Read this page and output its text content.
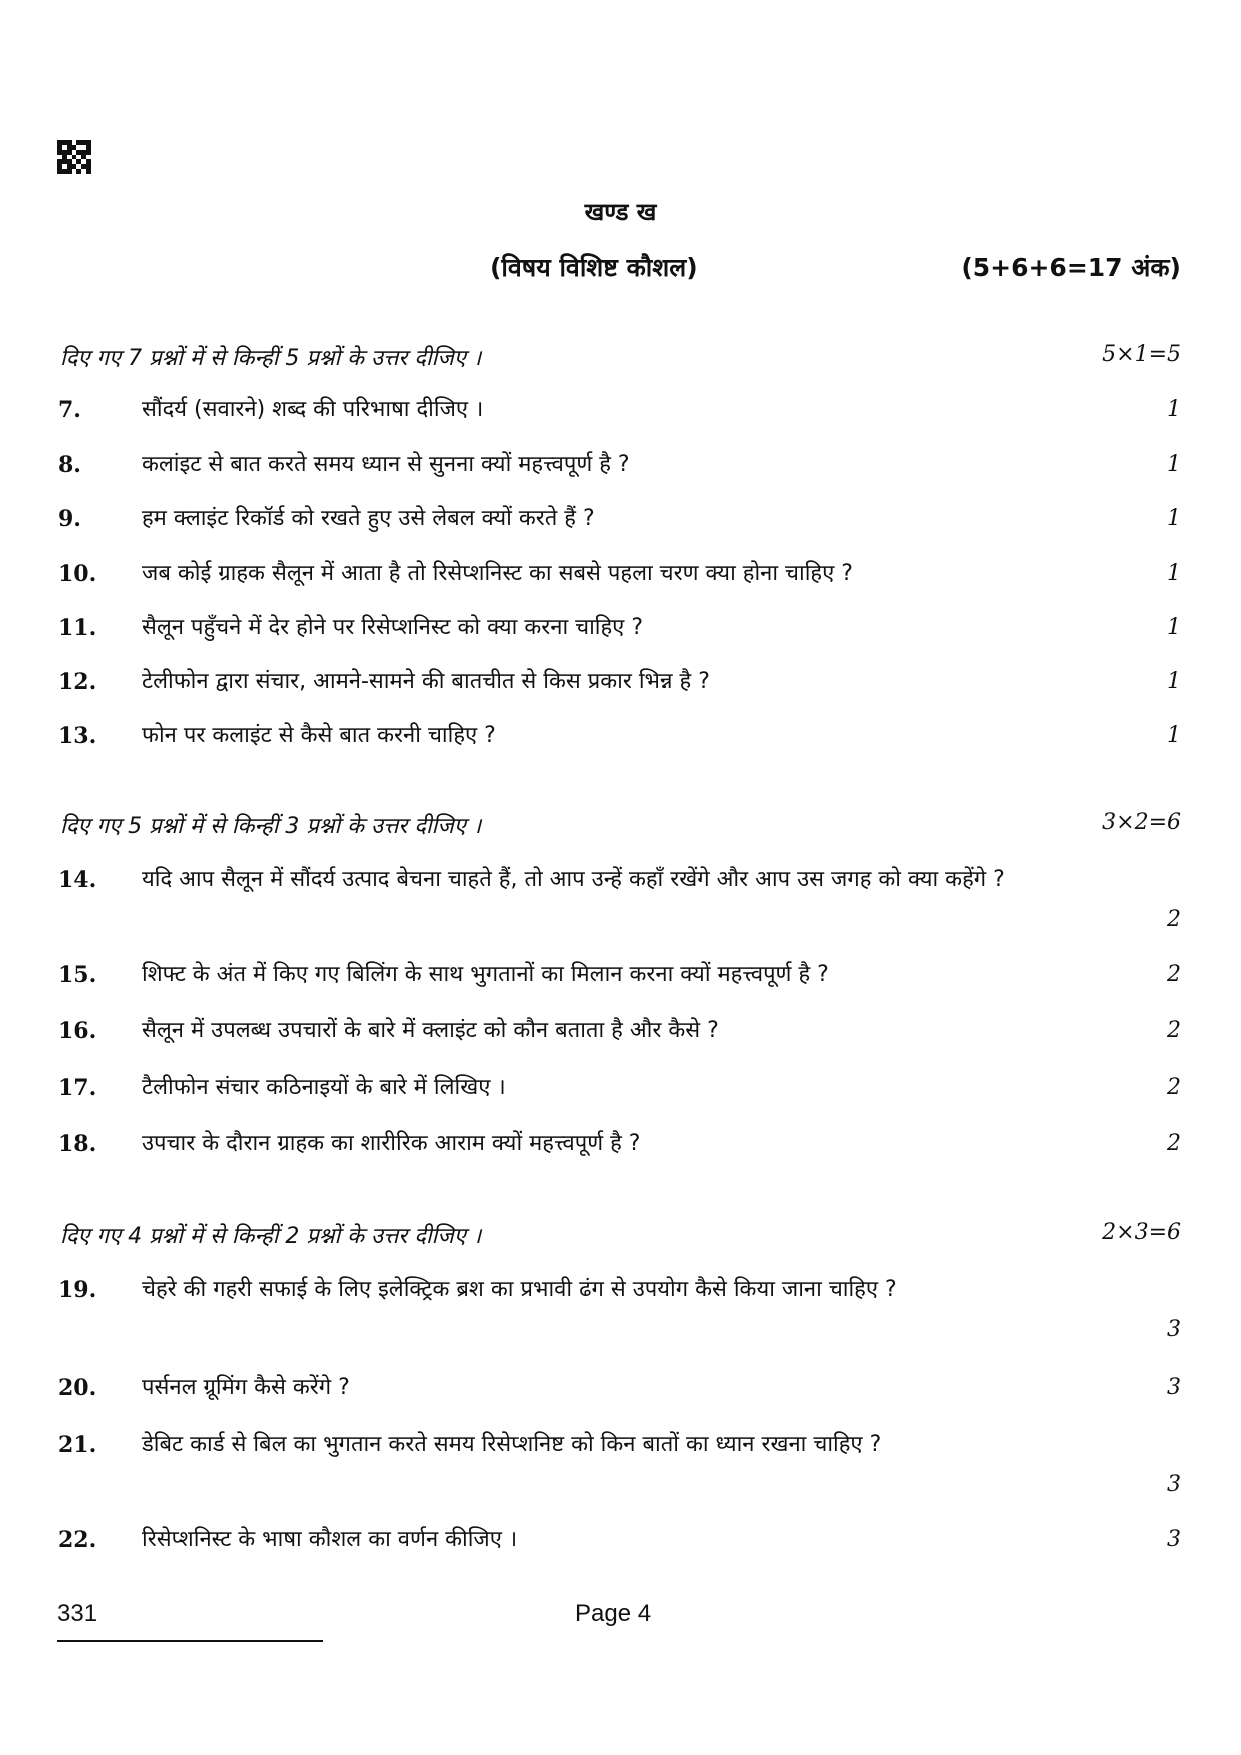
खण्ड ख
(विषय विशिष्ट कौशल)	(5+6+6=17 अंक)
दिए गए 7 प्रश्नों में से किन्हीं 5 प्रश्नों के उत्तर दीजिए ।	5×1=5
7.	सौंदर्य (सवारने) शब्द की परिभाषा दीजिए ।	1
8.	कलांइट से बात करते समय ध्यान से सुनना क्यों महत्त्वपूर्ण है ?	1
9.	हम क्लाइंट रिकॉर्ड को रखते हुए उसे लेबल क्यों करते हैं ?	1
10. जब कोई ग्राहक सैलून में आता है तो रिसेप्शनिस्ट का सबसे पहला चरण क्या होना चाहिए ?	1
11. सैलून पहुँचने में देर होने पर रिसेप्शनिस्ट को क्या करना चाहिए ?	1
12. टेलीफोन द्वारा संचार, आमने-सामने की बातचीत से किस प्रकार भिन्न है ?	1
13. फोन पर कलाइंट से कैसे बात करनी चाहिए ?	1
दिए गए 5 प्रश्नों में से किन्हीं 3 प्रश्नों के उत्तर दीजिए ।	3×2=6
14. यदि आप सैलून में सौंदर्य उत्पाद बेचना चाहते हैं, तो आप उन्हें कहाँ रखेंगे और आप उस जगह को क्या कहेंगे ?
2
15. शिफ्ट के अंत में किए गए बिलिंग के साथ भुगतानों का मिलान करना क्यों महत्त्वपूर्ण है ?	2
16. सैलून में उपलब्ध उपचारों के बारे में क्लाइंट को कौन बताता है और कैसे ?	2
17. टैलीफोन संचार कठिनाइयों के बारे में लिखिए ।	2
18. उपचार के दौरान ग्राहक का शारीरिक आराम क्यों महत्त्वपूर्ण है ?	2
दिए गए 4 प्रश्नों में से किन्हीं 2 प्रश्नों के उत्तर दीजिए ।	2×3=6
19. चेहरे की गहरी सफाई के लिए इलेक्ट्रिक ब्रश का प्रभावी ढंग से उपयोग कैसे किया जाना चाहिए ?
3
20. पर्सनल ग्रूमिंग कैसे करेंगे ?	3
21. डेबिट कार्ड से बिल का भुगतान करते समय रिसेप्शनिष्ट को किन बातों का ध्यान रखना चाहिए ?
3
22. रिसेप्शनिस्ट के भाषा कौशल का वर्णन कीजिए ।	3
331	Page 4
